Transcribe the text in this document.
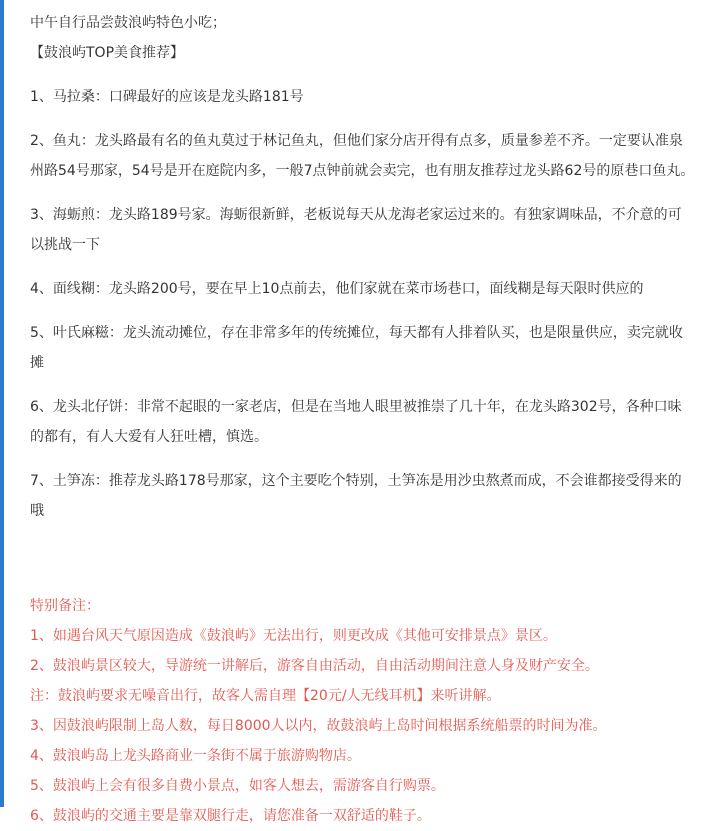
中午自行品尝鼓浪屿特色小吃；

【鼓浪屿TOP美食推荐】

1、马拉桑：口碑最好的应该是龙头路181号

2、鱼丸：龙头路最有名的鱼丸莫过于林记鱼丸，但他们家分店开得有点多，质量参差不齐。一定要认准泉州路54号那家，54号是开在庭院内多，一般7点钟前就会卖完，也有朋友推荐过龙头路62号的原巷口鱼丸。

3、海蛎煎：龙头路189号家。海蛎很新鲜，老板说每天从龙海老家运过来的。有独家调味品，不介意的可以挑战一下

4、面线糊：龙头路200号，要在早上10点前去，他们家就在菜市场巷口，面线糊是每天限时供应的

5、叶氏麻糍：龙头流动摊位，存在非常多年的传统摊位，每天都有人排着队买，也是限量供应，卖完就收摊

6、龙头北仔饼：非常不起眼的一家老店，但是在当地人眼里被推崇了几十年，在龙头路302号，各种口味的都有，有人大爱有人狂吐槽，慎选。

7、土笋冻：推荐龙头路178号那家，这个主要吃个特别，土笋冻是用沙虫熬煮而成，不会谁都接受得来的哦

特别备注：

1、如遇台风天气原因造成《鼓浪屿》无法出行，则更改成《其他可安排景点》景区。

2、鼓浪屿景区较大，导游统一讲解后，游客自由活动，自由活动期间注意人身及财产安全。

注：鼓浪屿要求无噪音出行，故客人需自理【20元/人无线耳机】来听讲解。

3、因鼓浪屿限制上岛人数，每日8000人以内，故鼓浪屿上岛时间根据系统船票的时间为准。

4、鼓浪屿岛上龙头路商业一条街不属于旅游购物店。

5、鼓浪屿上会有很多自费小景点，如客人想去，需游客自行购票。

6、鼓浪屿的交通主要是靠双腿行走，请您准备一双舒适的鞋子。
